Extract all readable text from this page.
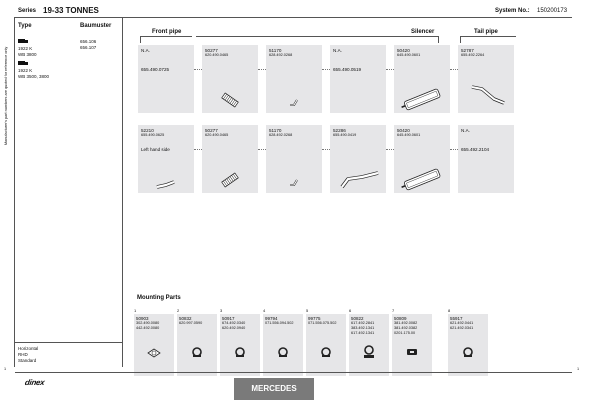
Series 19-33 TONNES	System No.: 150200173
Type	Baumuster
1922 K
WB 3800
656.106
656.107
1922 K
WB 3500, 3800
Horizontal
RHD
Standard
Manufacturer's part numbers are quoted for reference only
Front pipe	Silencer	Tail pipe
N.A.
655.490.0725
50277
620.490.0465
51170
628.492.0268
N.A.
655.490.0519
50420
645.490.0601
52787
655.492.2264
52210
655.490.0625
Left hand side
50277
620.490.0465
51170
628.492.0268
52286
655.490.0419
50420
645.490.0601
N.A.
655.492.2104
Mounting Parts
1
50903
302.490.0080
442.492.0080
2
50832
620.997.0590
3
50917
674.492.0340
620.492.0940
4
99794
071.556.094.502
5
99775
071.556.075.502
6
50822
617.492.2841
383.492.1341
617.492.1341
7
50809
381.492.0082
381.492.0382
0201.175.00
8
55917
621.492.0441
621.492.0341
1	1
dinex
MERCEDES
